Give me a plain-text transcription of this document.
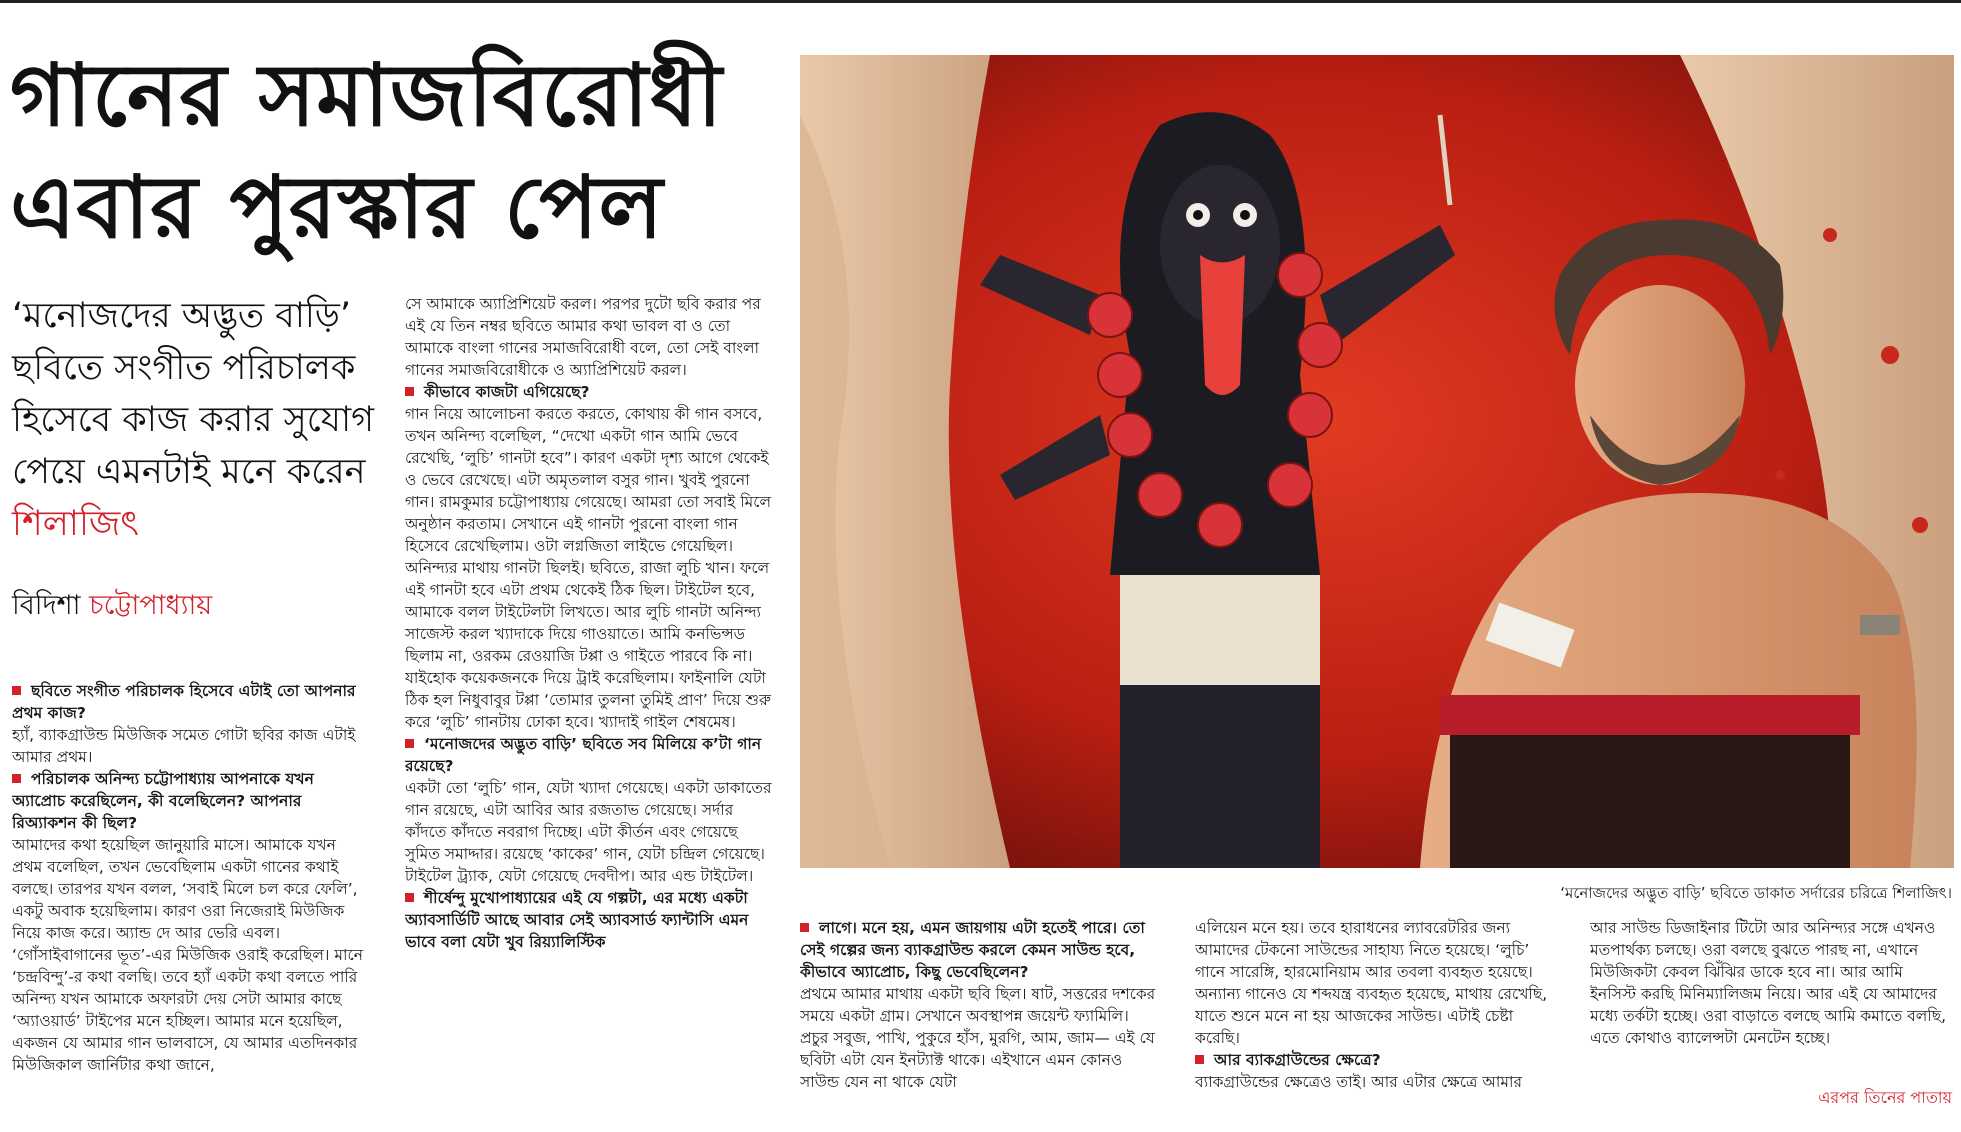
গানের সমাজবিরোধী
এবার পুরস্কার পেল
‘মনোজদের অদ্ভুত বাড়ি’ ছবিতে সংগীত পরিচালক হিসেবে কাজ করার সুযোগ পেয়ে এমনটাই মনে করেন শিলাজিৎ
বিদিশা চট্টোপাধ্যায়

ছবিতে সংগীত পরিচালক হিসেবে এটাই তো আপনার প্রথম কাজ?

হ্যাঁ, ব্যাকগ্রাউন্ড মিউজিক সমেত গোটা ছবির কাজ এটাই আমার প্রথম।

পরিচালক অনিন্দ্য চট্টোপাধ্যায় আপনাকে যখন অ্যাপ্রোচ করেছিলেন, কী বলেছিলেন? আপনার রিঅ্যাকশন কী ছিল?

আমাদের কথা হয়েছিল জানুয়ারি মাসে। আমাকে যখন প্রথম বলেছিল, তখন ভেবেছিলাম একটা গানের কথাই বলছে। তারপর যখন বলল, ‘সবাই মিলে চল করে ফেলি’, একটু অবাক হয়েছিলাম। কারণ ওরা নিজেরাই মিউজিক নিয়ে কাজ করে। অ্যান্ড দে আর ভেরি এবল। ‘গোঁসাইবাগানের ভূত’-এর মিউজিক ওরাই করেছিল। মানে ‘চন্দ্রবিন্দু’-র কথা বলছি। তবে হ্যাঁ একটা কথা বলতে পারি অনিন্দ্য যখন আমাকে অফারটা দেয় সেটা আমার কাছে ‘অ্যাওয়ার্ড’ টাইপের মনে হচ্ছিল। আমার মনে হয়েছিল, একজন যে আমার গান ভালবাসে, যে আমার এতদিনকার মিউজিকাল জার্নিটার কথা জানে,

সে আমাকে অ্যাপ্রিশিয়েট করল। পরপর দুটো ছবি করার পর এই যে তিন নম্বর ছবিতে আমার কথা ভাবল বা ও তো আমাকে বাংলা গানের সমাজবিরোধী বলে, তো সেই বাংলা গানের সমাজবিরোধীকে ও অ্যাপ্রিশিয়েট করল।

কীভাবে কাজটা এগিয়েছে?

গান নিয়ে আলোচনা করতে করতে, কোথায় কী গান বসবে, তখন অনিন্দ্য বলেছিল, “দেখো একটা গান আমি ভেবে রেখেছি, ‘লুচি’ গানটা হবে”। কারণ একটা দৃশ্য আগে থেকেই ও ভেবে রেখেছে। এটা অমৃতলাল বসুর গান। খুবই পুরনো গান। রামকুমার চট্টোপাধ্যায় গেয়েছে। আমরা তো সবাই মিলে অনুষ্ঠান করতাম। সেখানে এই গানটা পুরনো বাংলা গান হিসেবে রেখেছিলাম। ওটা লগ্নজিতা লাইভে গেয়েছিল। অনিন্দ্যর মাথায় গানটা ছিলই। ছবিতে, রাজা লুচি খান। ফলে এই গানটা হবে এটা প্রথম থেকেই ঠিক ছিল। টাইটেল হবে, আমাকে বলল টাইটেলটা লিখতে। আর লুচি গানটা অনিন্দ্য সাজেস্ট করল খ্যাদাকে দিয়ে গাওয়াতে। আমি কনভিন্সড ছিলাম না, ওরকম রেওয়াজি টপ্পা ও গাইতে পারবে কি না। যাইহোক কয়েকজনকে দিয়ে ট্রাই করেছিলাম। ফাইনালি যেটা ঠিক হল নিধুবাবুর টপ্পা ‘তোমার তুলনা তুমিই প্রাণ’ দিয়ে শুরু করে ‘লুচি’ গানটায় ঢোকা হবে। খ্যাদাই গাইল শেষমেষ।

‘মনোজদের অদ্ভুত বাড়ি’ ছবিতে সব মিলিয়ে ক’টা গান রয়েছে?

একটা তো ‘লুচি’ গান, যেটা খ্যাদা গেয়েছে। একটা ডাকাতের গান রয়েছে, এটা আবির আর রজতাভ গেয়েছে। সর্দার কাঁদতে কাঁদতে নবরাগ দিচ্ছে। এটা কীর্তন এবং গেয়েছে সুমিত সমাদ্দার। রয়েছে ‘কাকের’ গান, যেটা চন্দ্রিল গেয়েছে। টাইটেল ট্র্যাক, যেটা গেয়েছে দেবদীপ। আর এন্ড টাইটেল।

শীর্ষেন্দু মুখোপাধ্যায়ের এই যে গল্পটা, এর মধ্যে একটা অ্যাবসার্ডিটি আছে আবার সেই অ্যাবসার্ড ফ্যান্টাসি এমন ভাবে বলা যেটা খুব রিয়্যালিস্টিক

লাগে। মনে হয়, এমন জায়গায় এটা হতেই পারে। তো সেই গল্পের জন্য ব্যাকগ্রাউন্ড করলে কেমন সাউন্ড হবে, কীভাবে অ্যাপ্রোচ, কিছু ভেবেছিলেন?

প্রথমে আমার মাথায় একটা ছবি ছিল। ষাট, সত্তরের দশকের সময়ে একটা গ্রাম। সেখানে অবস্থাপন্ন জয়েন্ট ফ্যামিলি। প্রচুর সবুজ, পাখি, পুকুরে হাঁস, মুরগি, আম, জাম— এই যে ছবিটা এটা যেন ইনট্যাক্ট থাকে। এইখানে এমন কোনও সাউন্ড যেন না থাকে যেটা

এলিয়েন মনে হয়। তবে হারাধনের ল্যাবরেটরির জন্য আমাদের টেকনো সাউন্ডের সাহায্য নিতে হয়েছে। ‘লুচি’ গানে সারেঙ্গি, হারমোনিয়াম আর তবলা ব্যবহৃত হয়েছে। অন্যান্য গানেও যে শব্দযন্ত্র ব্যবহৃত হয়েছে, মাথায় রেখেছি, যাতে শুনে মনে না হয় আজকের সাউন্ড। এটাই চেষ্টা করেছি।

আর ব্যাকগ্রাউন্ডের ক্ষেত্রে?

ব্যাকগ্রাউন্ডের ক্ষেত্রেও তাই। আর এটার ক্ষেত্রে আমার

আর সাউন্ড ডিজাইনার টিটো আর অনিন্দ্যর সঙ্গে এখনও মতপার্থক্য চলছে। ওরা বলছে বুঝতে পারছ না, এখানে মিউজিকটা কেবল ঝিঁঝির ডাকে হবে না। আর আমি ইনসিস্ট করছি মিনিম্যালিজম নিয়ে। আর এই যে আমাদের মধ্যে তর্কটা হচ্ছে। ওরা বাড়াতে বলছে আমি কমাতে বলছি, এতে কোথাও ব্যালেন্সটা মেনটেন হচ্ছে।

‘মনোজদের অদ্ভুত বাড়ি’ ছবিতে ডাকাত সর্দারের চরিত্রে শিলাজিৎ।
এরপর তিনের পাতায়
